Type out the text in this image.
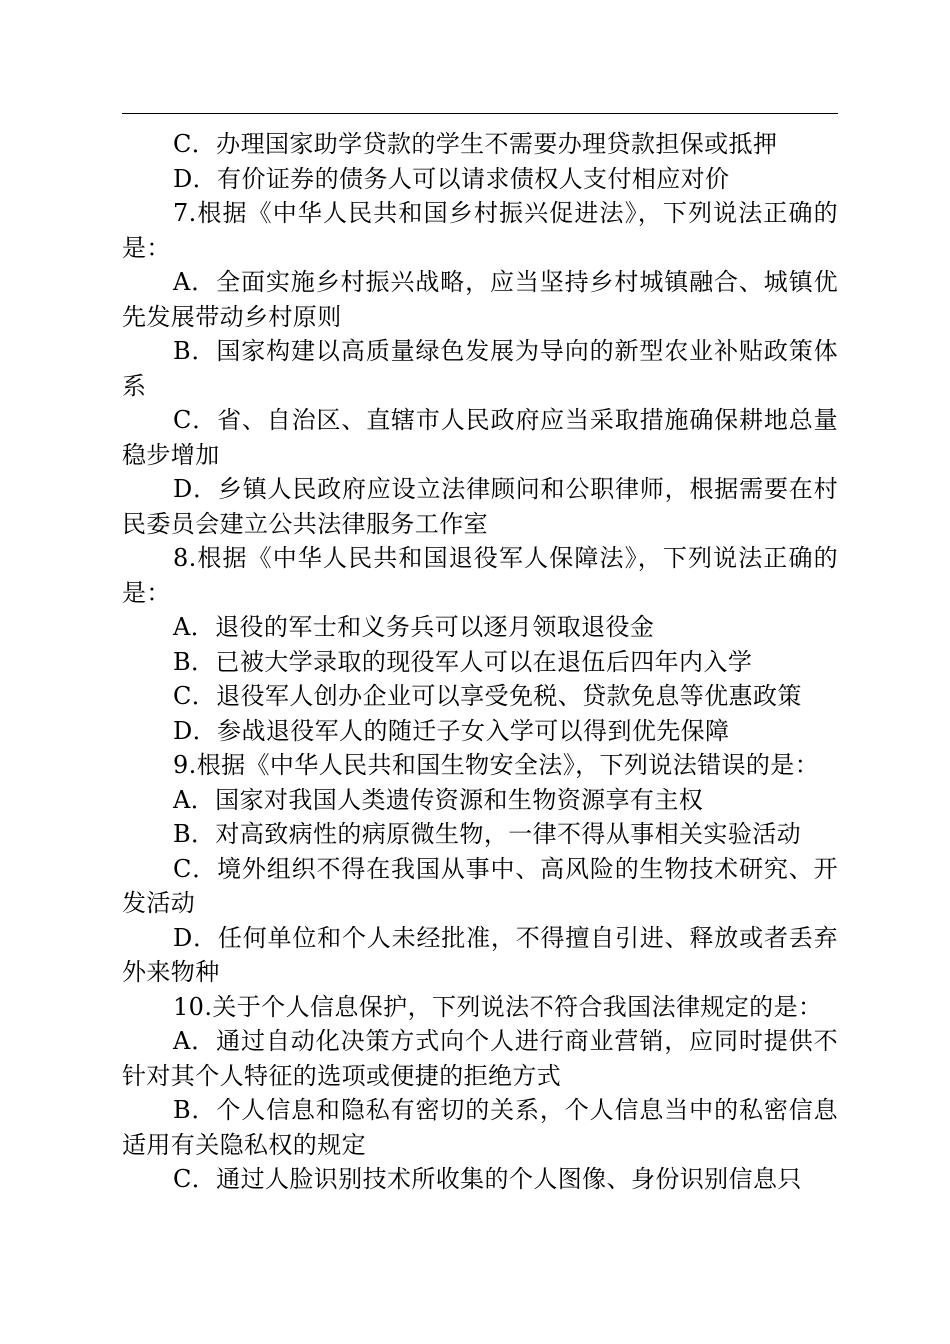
C．办理国家助学贷款的学生不需要办理贷款担保或抵押

D．有价证券的债务人可以请求债权人支付相应对价

7.根据《中华人民共和国乡村振兴促进法》，下列说法正确的是：

A．全面实施乡村振兴战略，应当坚持乡村城镇融合、城镇优先发展带动乡村原则

B．国家构建以高质量绿色发展为导向的新型农业补贴政策体系

C．省、自治区、直辖市人民政府应当采取措施确保耕地总量稳步增加

D．乡镇人民政府应设立法律顾问和公职律师，根据需要在村民委员会建立公共法律服务工作室

8.根据《中华人民共和国退役军人保障法》，下列说法正确的是：

A．退役的军士和义务兵可以逐月领取退役金

B．已被大学录取的现役军人可以在退伍后四年内入学

C．退役军人创办企业可以享受免税、贷款免息等优惠政策

D．参战退役军人的随迁子女入学可以得到优先保障

9.根据《中华人民共和国生物安全法》，下列说法错误的是：

A．国家对我国人类遗传资源和生物资源享有主权

B．对高致病性的病原微生物，一律不得从事相关实验活动

C．境外组织不得在我国从事中、高风险的生物技术研究、开发活动

D．任何单位和个人未经批准，不得擅自引进、释放或者丢弃外来物种

10.关于个人信息保护，下列说法不符合我国法律规定的是：

A．通过自动化决策方式向个人进行商业营销，应同时提供不针对其个人特征的选项或便捷的拒绝方式

B．个人信息和隐私有密切的关系，个人信息当中的私密信息适用有关隐私权的规定

C．通过人脸识别技术所收集的个人图像、身份识别信息只
